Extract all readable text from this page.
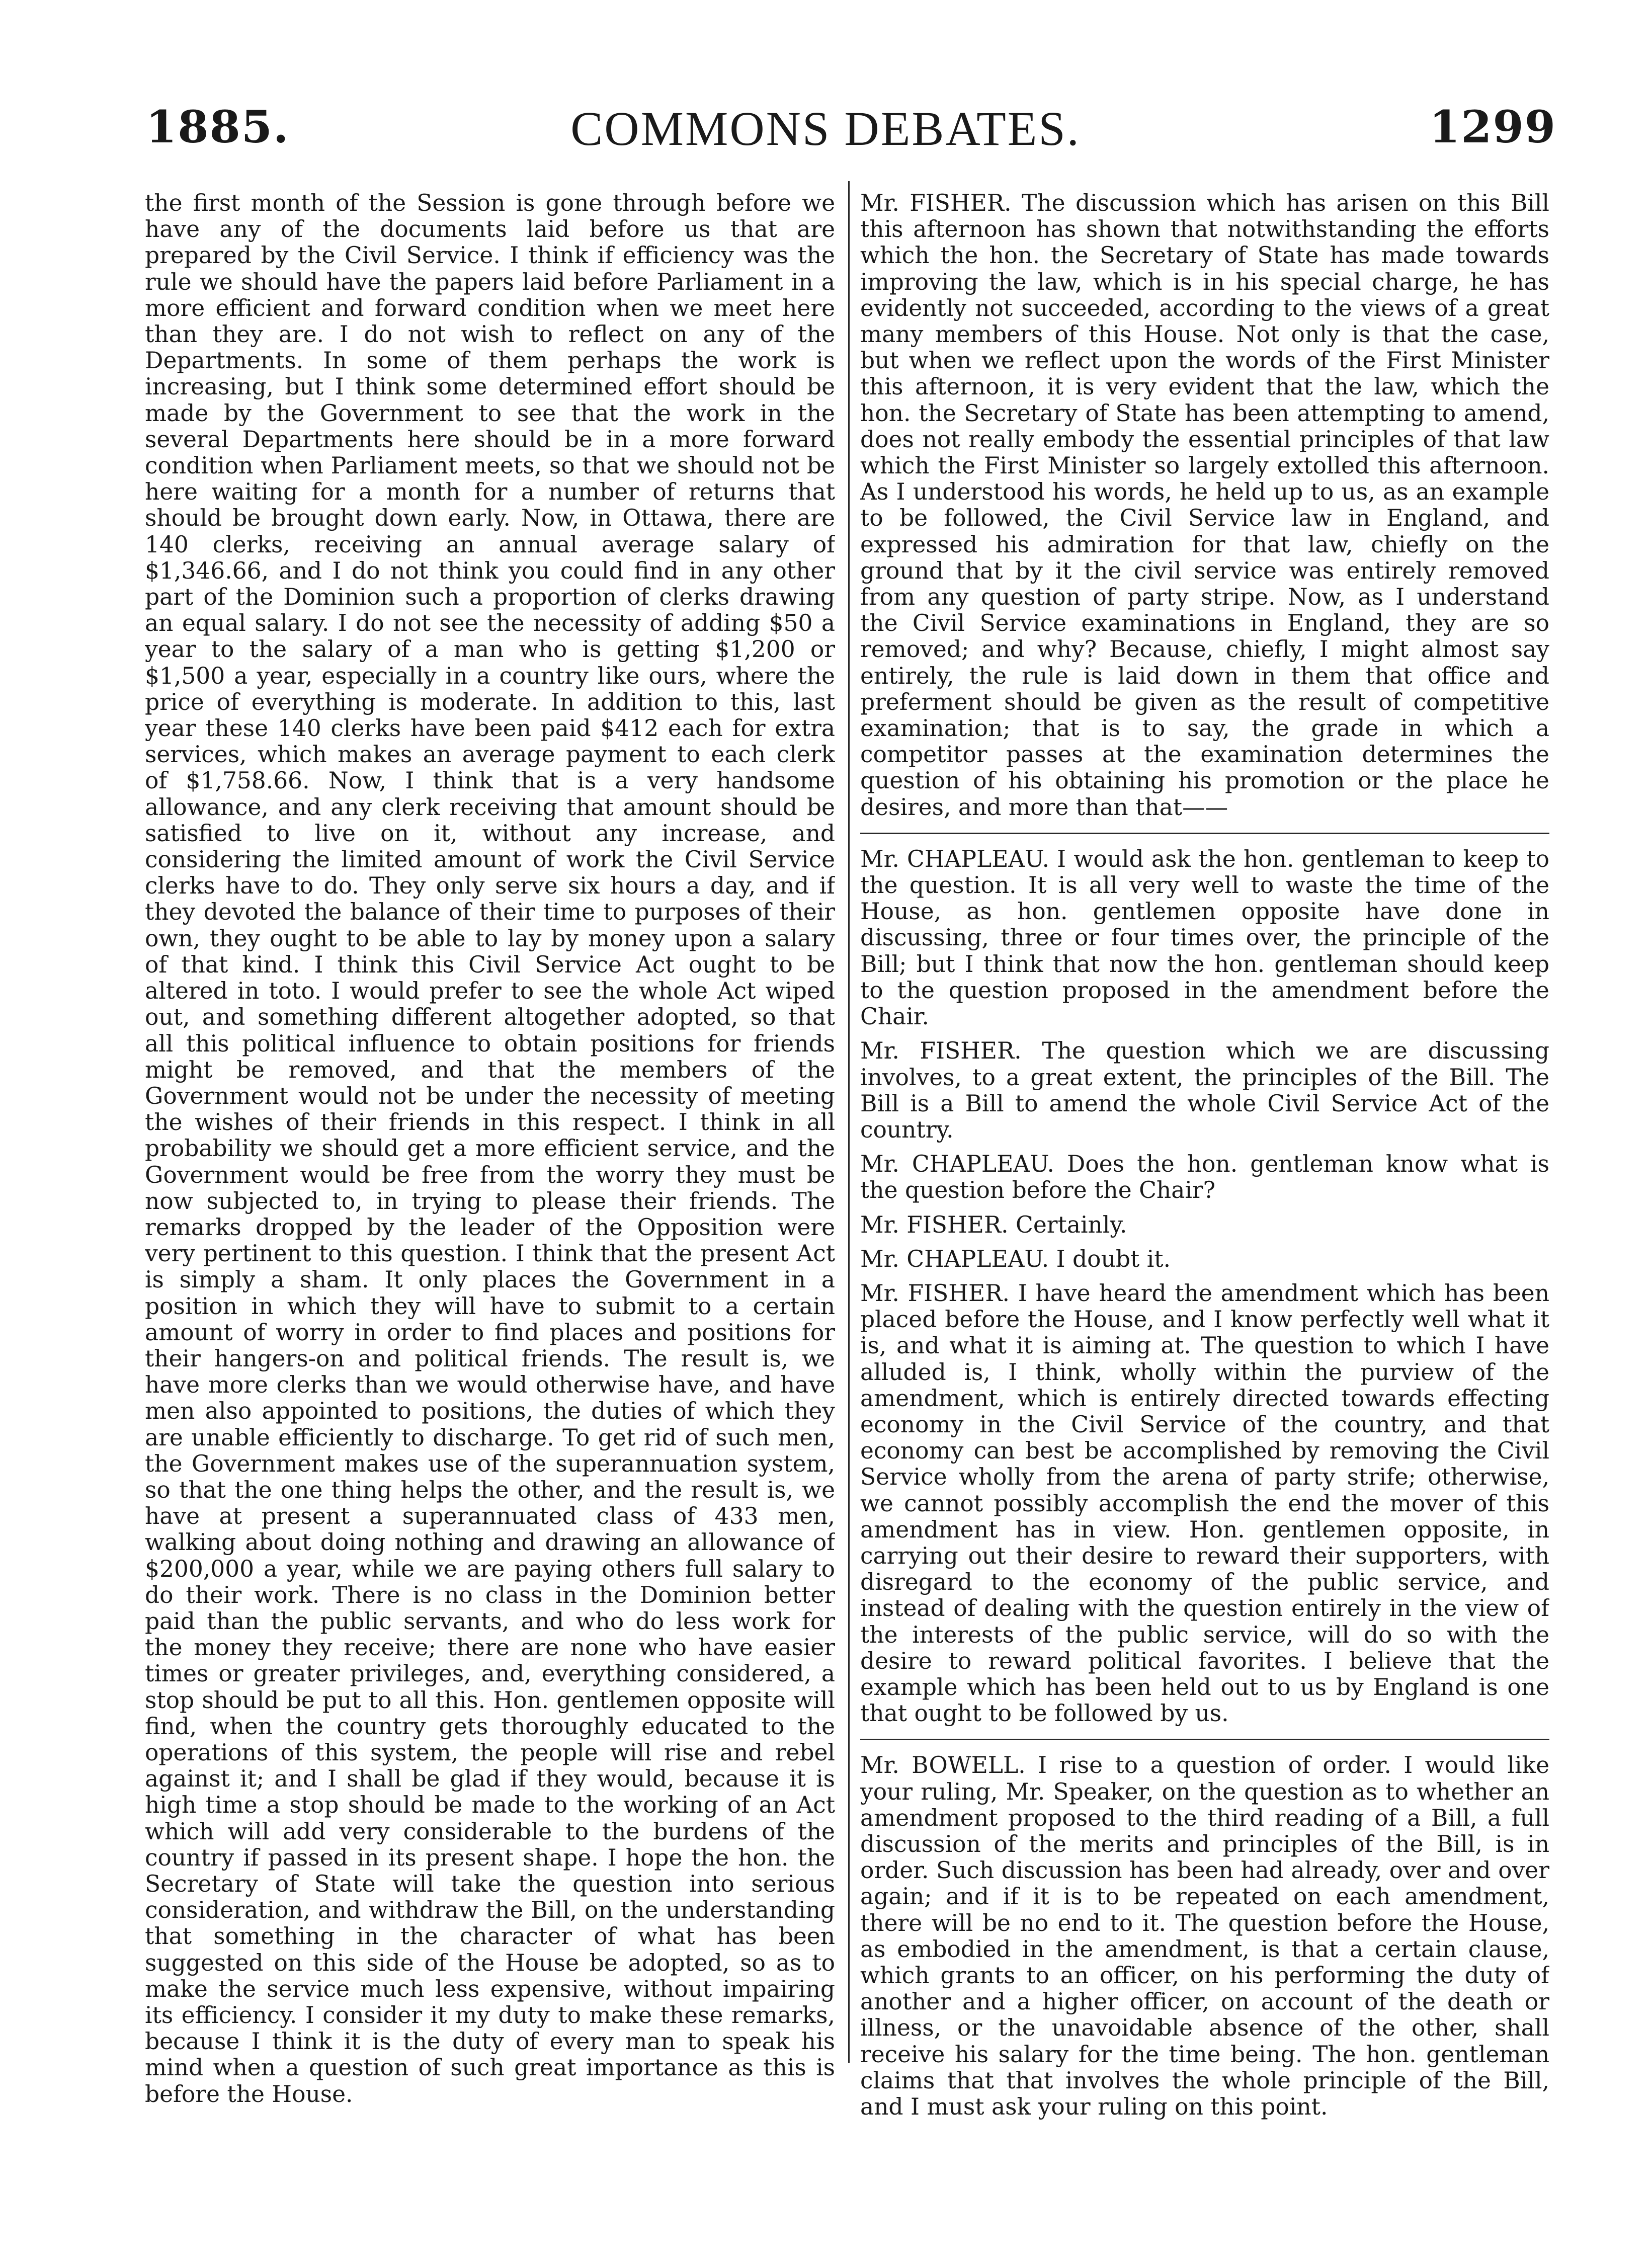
1885.	COMMONS DEBATES.	1299

the first month of the Session is gone through before we have any of the documents laid before us that are prepared by the Civil Service. I think if efficiency was the rule we should have the papers laid before Parliament in a more efficient and forward condition when we meet here than they are. I do not wish to reflect on any of the Departments. In some of them perhaps the work is increasing, but I think some determined effort should be made by the Government to see that the work in the several Departments here should be in a more forward condition when Parliament meets, so that we should not be here waiting for a month for a number of returns that should be brought down early. Now, in Ottawa, there are 140 clerks, receiving an annual average salary of $1,346.66, and I do not think you could find in any other part of the Dominion such a proportion of clerks drawing an equal salary. I do not see the necessity of adding $50 a year to the salary of a man who is getting $1,200 or $1,500 a year, especially in a country like ours, where the price of everything is moderate. In addition to this, last year these 140 clerks have been paid $412 each for extra services, which makes an average payment to each clerk of $1,758.66. Now, I think that is a very handsome allowance, and any clerk receiving that amount should be satisfied to live on it, without any increase, and considering the limited amount of work the Civil Service clerks have to do. They only serve six hours a day, and if they devoted the balance of their time to purposes of their own, they ought to be able to lay by money upon a salary of that kind. I think this Civil Service Act ought to be altered in toto. I would prefer to see the whole Act wiped out, and something different altogether adopted, so that all this political influence to obtain positions for friends might be removed, and that the members of the Government would not be under the necessity of meeting the wishes of their friends in this respect. I think in all probability we should get a more efficient service, and the Government would be free from the worry they must be now subjected to, in trying to please their friends. The remarks dropped by the leader of the Opposition were very pertinent to this question. I think that the present Act is simply a sham. It only places the Government in a position in which they will have to submit to a certain amount of worry in order to find places and positions for their hangers-on and political friends. The result is, we have more clerks than we would otherwise have, and have men also appointed to positions, the duties of which they are unable efficiently to discharge. To get rid of such men, the Government makes use of the superannuation system, so that the one thing helps the other, and the result is, we have at present a superannuated class of 433 men, walking about doing nothing and drawing an allowance of $200,000 a year, while we are paying others full salary to do their work. There is no class in the Dominion better paid than the public servants, and who do less work for the money they receive; there are none who have easier times or greater privileges, and, everything considered, a stop should be put to all this. Hon. gentlemen opposite will find, when the country gets thoroughly educated to the operations of this system, the people will rise and rebel against it; and I shall be glad if they would, because it is high time a stop should be made to the working of an Act which will add very considerable to the burdens of the country if passed in its present shape. I hope the hon. the Secretary of State will take the question into serious consideration, and withdraw the Bill, on the understanding that something in the character of what has been suggested on this side of the House be adopted, so as to make the service much less expensive, without impairing its efficiency. I consider it my duty to make these remarks, because I think it is the duty of every man to speak his mind when a question of such great importance as this is before the House.

Mr. FISHER. The discussion which has arisen on this Bill this afternoon has shown that notwithstanding the efforts which the hon. the Secretary of State has made towards improving the law, which is in his special charge, he has evidently not succeeded, according to the views of a great many members of this House. Not only is that the case, but when we reflect upon the words of the First Minister this afternoon, it is very evident that the law, which the hon. the Secretary of State has been attempting to amend, does not really embody the essential principles of that law which the First Minister so largely extolled this afternoon. As I understood his words, he held up to us, as an example to be followed, the Civil Service law in England, and expressed his admiration for that law, chiefly on the ground that by it the civil service was entirely removed from any question of party stripe. Now, as I understand the Civil Service examinations in England, they are so removed; and why? Because, chiefly, I might almost say entirely, the rule is laid down in them that office and preferment should be given as the result of competitive examination; that is to say, the grade in which a competitor passes at the examination determines the question of his obtaining his promotion or the place he desires, and more than that——

Mr. CHAPLEAU. I would ask the hon. gentleman to keep to the question. It is all very well to waste the time of the House, as hon. gentlemen opposite have done in discussing, three or four times over, the principle of the Bill; but I think that now the hon. gentleman should keep to the question proposed in the amendment before the Chair.

Mr. FISHER. The question which we are discussing involves, to a great extent, the principles of the Bill. The Bill is a Bill to amend the whole Civil Service Act of the country.

Mr. CHAPLEAU. Does the hon. gentleman know what is the question before the Chair?

Mr. FISHER. Certainly.

Mr. CHAPLEAU. I doubt it.

Mr. FISHER. I have heard the amendment which has been placed before the House, and I know perfectly well what it is, and what it is aiming at. The question to which I have alluded is, I think, wholly within the purview of the amendment, which is entirely directed towards effecting economy in the Civil Service of the country, and that economy can best be accomplished by removing the Civil Service wholly from the arena of party strife; otherwise, we cannot possibly accomplish the end the mover of this amendment has in view. Hon. gentlemen opposite, in carrying out their desire to reward their supporters, with disregard to the economy of the public service, and instead of dealing with the question entirely in the view of the interests of the public service, will do so with the desire to reward political favorites. I believe that the example which has been held out to us by England is one that ought to be followed by us.

Mr. BOWELL. I rise to a question of order. I would like your ruling, Mr. Speaker, on the question as to whether an amendment proposed to the third reading of a Bill, a full discussion of the merits and principles of the Bill, is in order. Such discussion has been had already, over and over again; and if it is to be repeated on each amendment, there will be no end to it. The question before the House, as embodied in the amendment, is that a certain clause, which grants to an officer, on his performing the duty of another and a higher officer, on account of the death or illness, or the unavoidable absence of the other, shall receive his salary for the time being. The hon. gentleman claims that that involves the whole principle of the Bill, and I must ask your ruling on this point.
